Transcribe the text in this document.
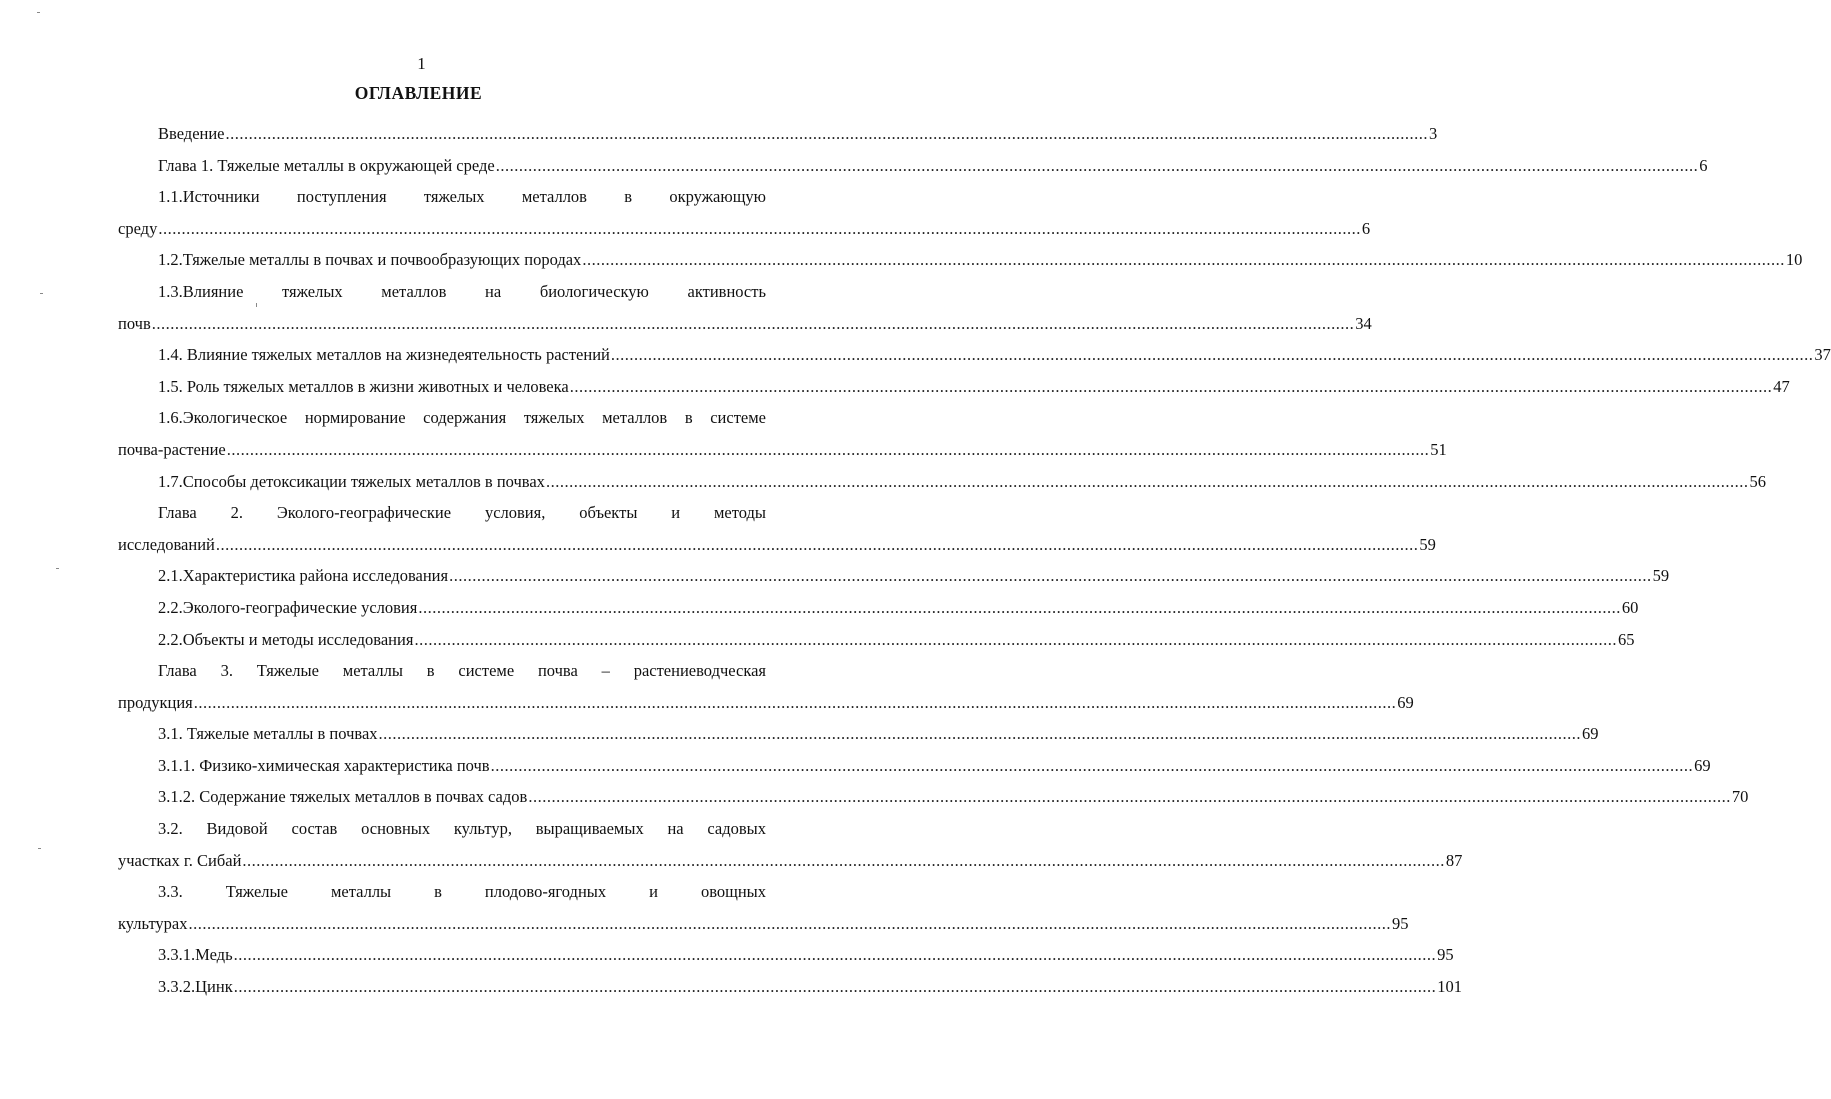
1
ОГЛАВЛЕНИЕ
Введение .................................................................................................................................................................................................................................................................... 3
Глава 1. Тяжелые металлы в окружающей среде .................................................................................................................................................................................................................................................................... 6
1.1.Источники поступления тяжелых металлов в окружающую
среду .................................................................................................................................................................................................................................................................... 6
1.2.Тяжелые металлы в почвах и почвообразующих породах .................................................................................................................................................................................................................................................................... 10
1.3.Влияние тяжелых металлов на биологическую активность
почв .................................................................................................................................................................................................................................................................... 34
1.4. Влияние тяжелых металлов на жизнедеятельность растений .................................................................................................................................................................................................................................................................... 37
1.5. Роль тяжелых металлов в жизни животных и человека .................................................................................................................................................................................................................................................................... 47
1.6.Экологическое нормирование содержания тяжелых металлов в системе
почва-растение .................................................................................................................................................................................................................................................................... 51
1.7.Способы детоксикации тяжелых металлов в почвах .................................................................................................................................................................................................................................................................... 56
Глава 2. Эколого-географические условия, объекты и методы
исследований .................................................................................................................................................................................................................................................................... 59
2.1.Характеристика района исследования .................................................................................................................................................................................................................................................................... 59
2.2.Эколого-географические условия .................................................................................................................................................................................................................................................................... 60
2.2.Объекты и методы исследования .................................................................................................................................................................................................................................................................... 65
Глава 3. Тяжелые металлы в системе почва – растениеводческая
продукция .................................................................................................................................................................................................................................................................... 69
3.1. Тяжелые металлы в почвах .................................................................................................................................................................................................................................................................... 69
3.1.1. Физико-химическая характеристика почв .................................................................................................................................................................................................................................................................... 69
3.1.2. Содержание тяжелых металлов в почвах садов .................................................................................................................................................................................................................................................................... 70
3.2. Видовой состав основных культур, выращиваемых на садовых
участках г. Сибай .................................................................................................................................................................................................................................................................... 87
3.3. Тяжелые металлы в плодово-ягодных и овощных
культурах .................................................................................................................................................................................................................................................................... 95
3.3.1.Медь .................................................................................................................................................................................................................................................................... 95
3.3.2.Цинк .................................................................................................................................................................................................................................................................... 101
